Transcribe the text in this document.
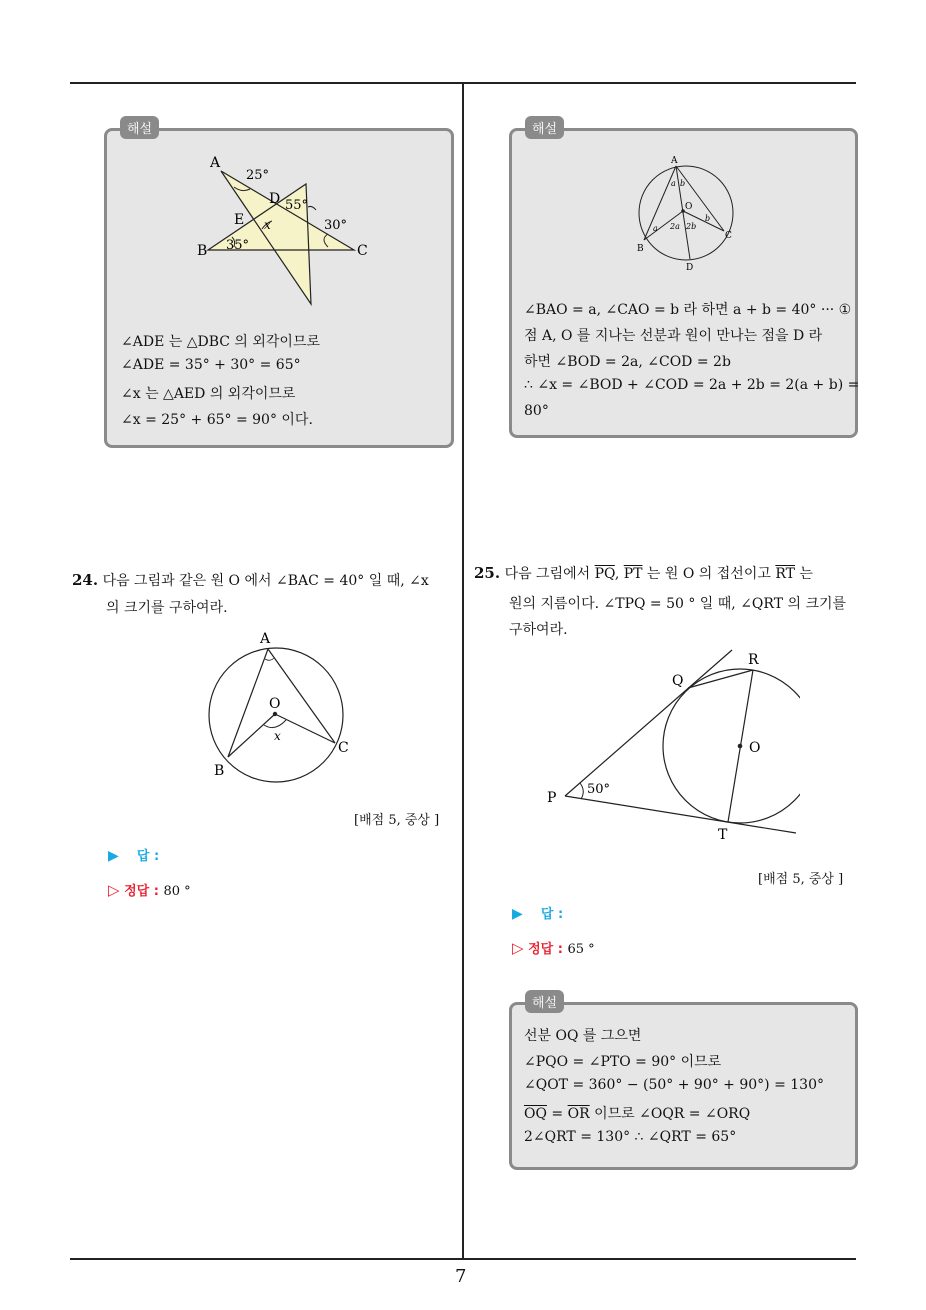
7
A
B	C
D
E x
25°
55°
30°
35°
∠ADE 는 △DBC 의 외각이므로
∠ADE = 35° + 30° = 65°
∠x 는 △AED 의 외각이므로
∠x = 25° + 65° = 90° 이다.
해설
A
B
C
D
O
a b
a
b
2a 2b
∠BAO = a, ∠CAO = b 라 하면 a + b = 40° ··· ①
점 A, O 를 지나는 선분과 원이 만나는 점을 D 라
하면 ∠BOD = 2a, ∠COD = 2b
∴ ∠x = ∠BOD + ∠COD = 2a + 2b = 2(a + b) =
80°
해설
24. 다음 그림과 같은 원 O 에서 ∠BAC = 40° 일 때, ∠x
의 크기를 구하여라.
A
O
B
C
x
[배점 5, 중상 ]
▶ 답 :
▷ 정답 : 80 °
25. 다음 그림에서 $\overline{PQ}$, $\overline{PT}$ 는 원 O 의 접선이고 $\overline{RT}$ 는
원의 지름이다. ∠TPQ = 50 ° 일 때, ∠QRT 의 크기를
구하여라.
P
Q
R
T
O
50°
[배점 5, 중상 ]
▶ 답 :
▷ 정답 : 65 °
선분 OQ 를 그으면
∠PQO = ∠PTO = 90° 이므로
∠QOT = 360° − (50° + 90° + 90°) = 130°
$\overline{OQ} = \overline{OR}$ 이므로 ∠OQR = ∠ORQ
2∠QRT = 130° ∴ ∠QRT = 65°
해설
